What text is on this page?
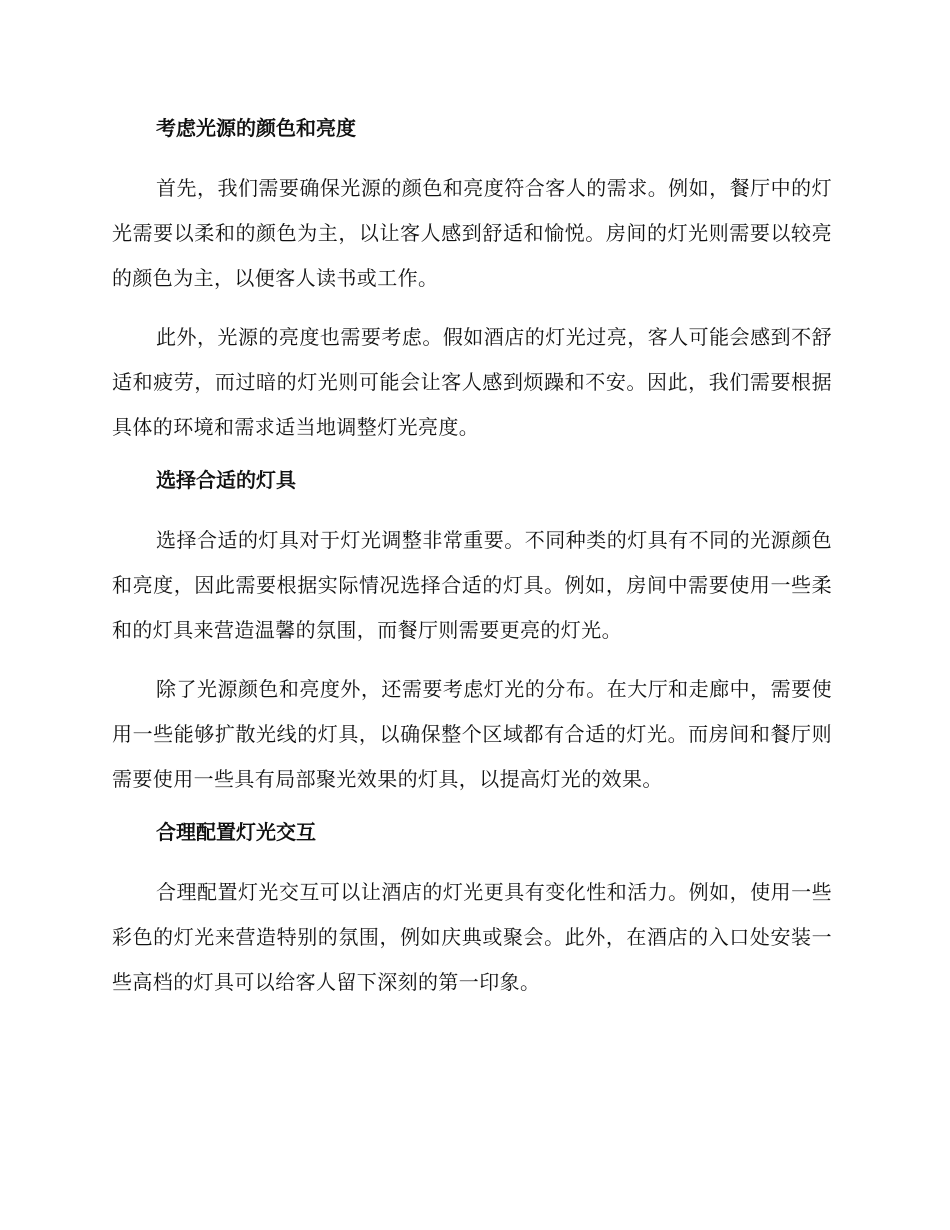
考虑光源的颜色和亮度

首先，我们需要确保光源的颜色和亮度符合客人的需求。例如，餐厅中的灯光需要以柔和的颜色为主，以让客人感到舒适和愉悦。房间的灯光则需要以较亮的颜色为主，以便客人读书或工作。

此外，光源的亮度也需要考虑。假如酒店的灯光过亮，客人可能会感到不舒适和疲劳，而过暗的灯光则可能会让客人感到烦躁和不安。因此，我们需要根据具体的环境和需求适当地调整灯光亮度。

选择合适的灯具

选择合适的灯具对于灯光调整非常重要。不同种类的灯具有不同的光源颜色和亮度，因此需要根据实际情况选择合适的灯具。例如，房间中需要使用一些柔和的灯具来营造温馨的氛围，而餐厅则需要更亮的灯光。

除了光源颜色和亮度外，还需要考虑灯光的分布。在大厅和走廊中，需要使用一些能够扩散光线的灯具，以确保整个区域都有合适的灯光。而房间和餐厅则需要使用一些具有局部聚光效果的灯具，以提高灯光的效果。

合理配置灯光交互

合理配置灯光交互可以让酒店的灯光更具有变化性和活力。例如，使用一些彩色的灯光来营造特别的氛围，例如庆典或聚会。此外，在酒店的入口处安装一些高档的灯具可以给客人留下深刻的第一印象。
